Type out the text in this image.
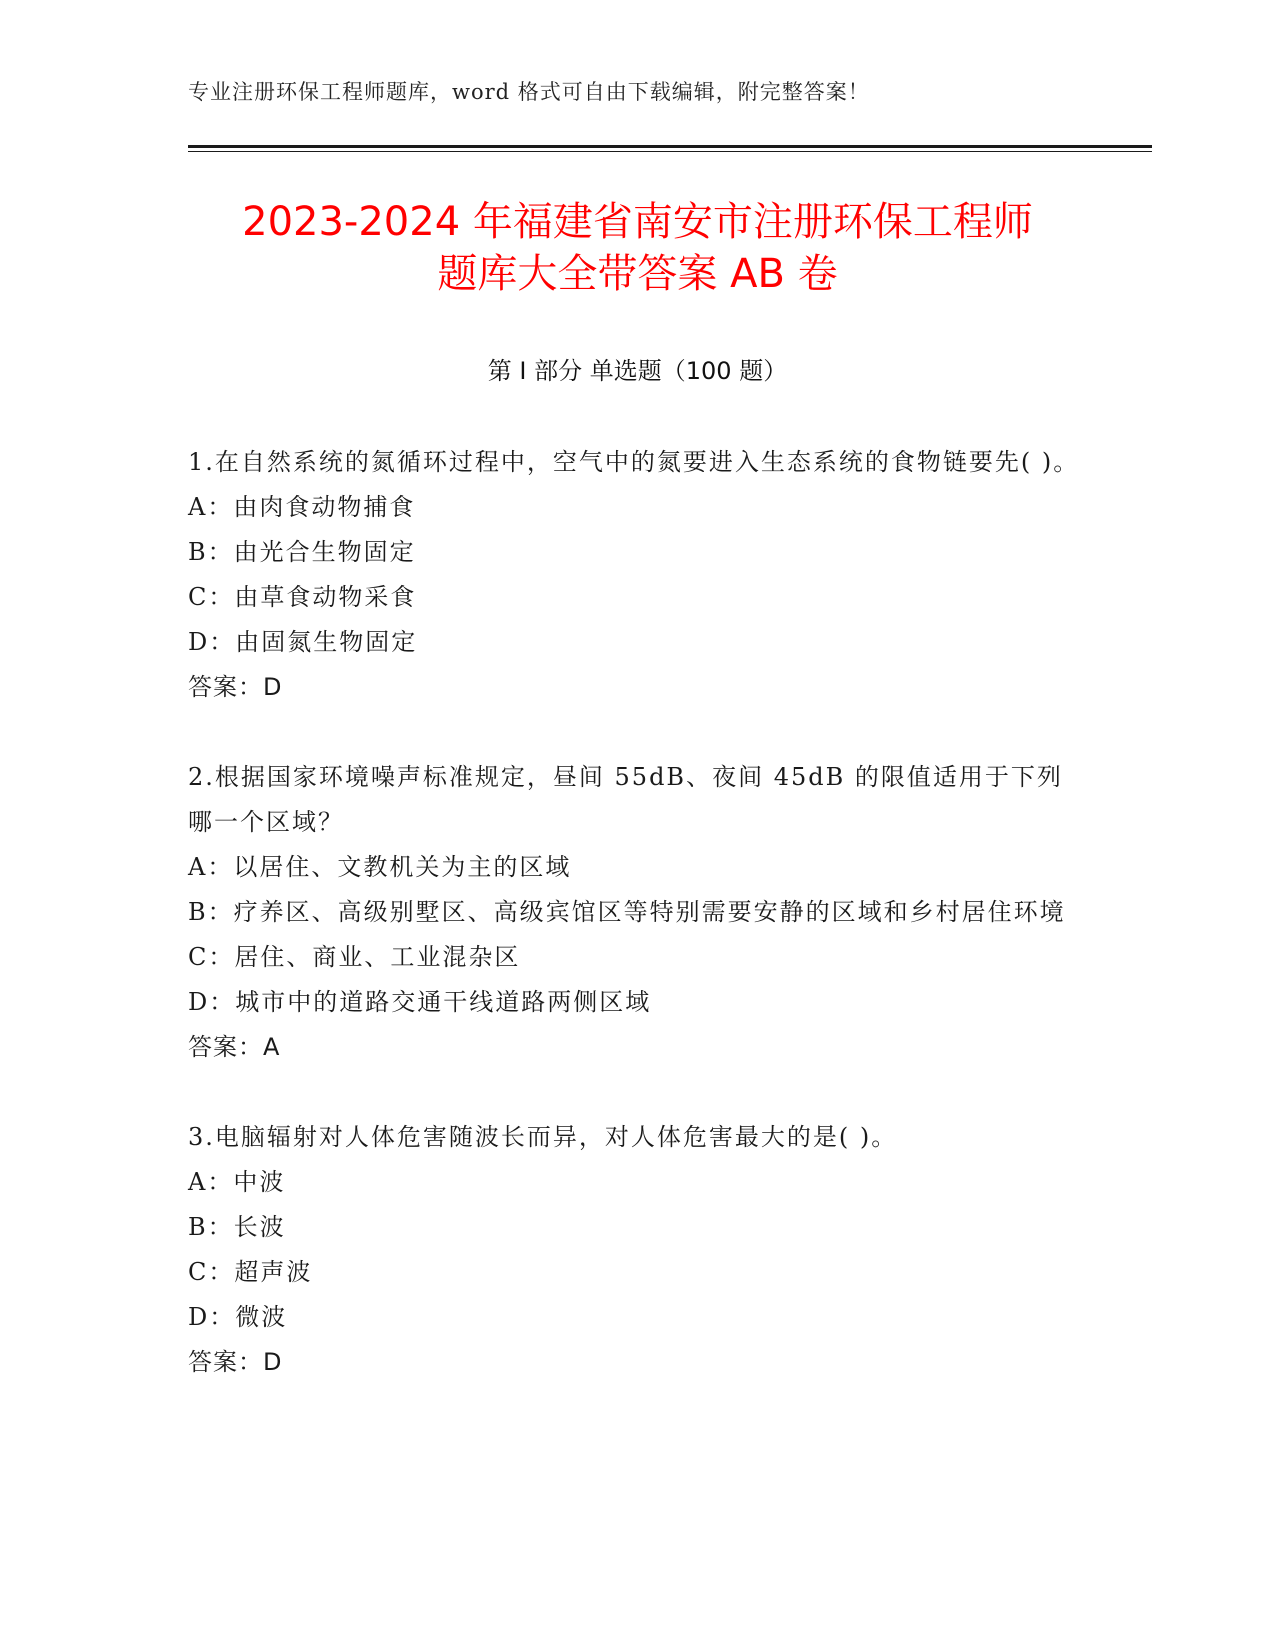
专业注册环保工程师题库，word 格式可自由下载编辑，附完整答案！
2023-2024 年福建省南安市注册环保工程师
题库大全带答案 AB 卷
第 I 部分 单选题（100 题）
1.在自然系统的氮循环过程中，空气中的氮要进入生态系统的食物链要先( )。
A：由肉食动物捕食
B：由光合生物固定
C：由草食动物采食
D：由固氮生物固定
答案：D
2.根据国家环境噪声标准规定，昼间 55dB、夜间 45dB 的限值适用于下列哪一个区域？
A：以居住、文教机关为主的区域
B：疗养区、高级别墅区、高级宾馆区等特别需要安静的区域和乡村居住环境
C：居住、商业、工业混杂区
D：城市中的道路交通干线道路两侧区域
答案：A
3.电脑辐射对人体危害随波长而异，对人体危害最大的是( )。
A：中波
B：长波
C：超声波
D：微波
答案：D
